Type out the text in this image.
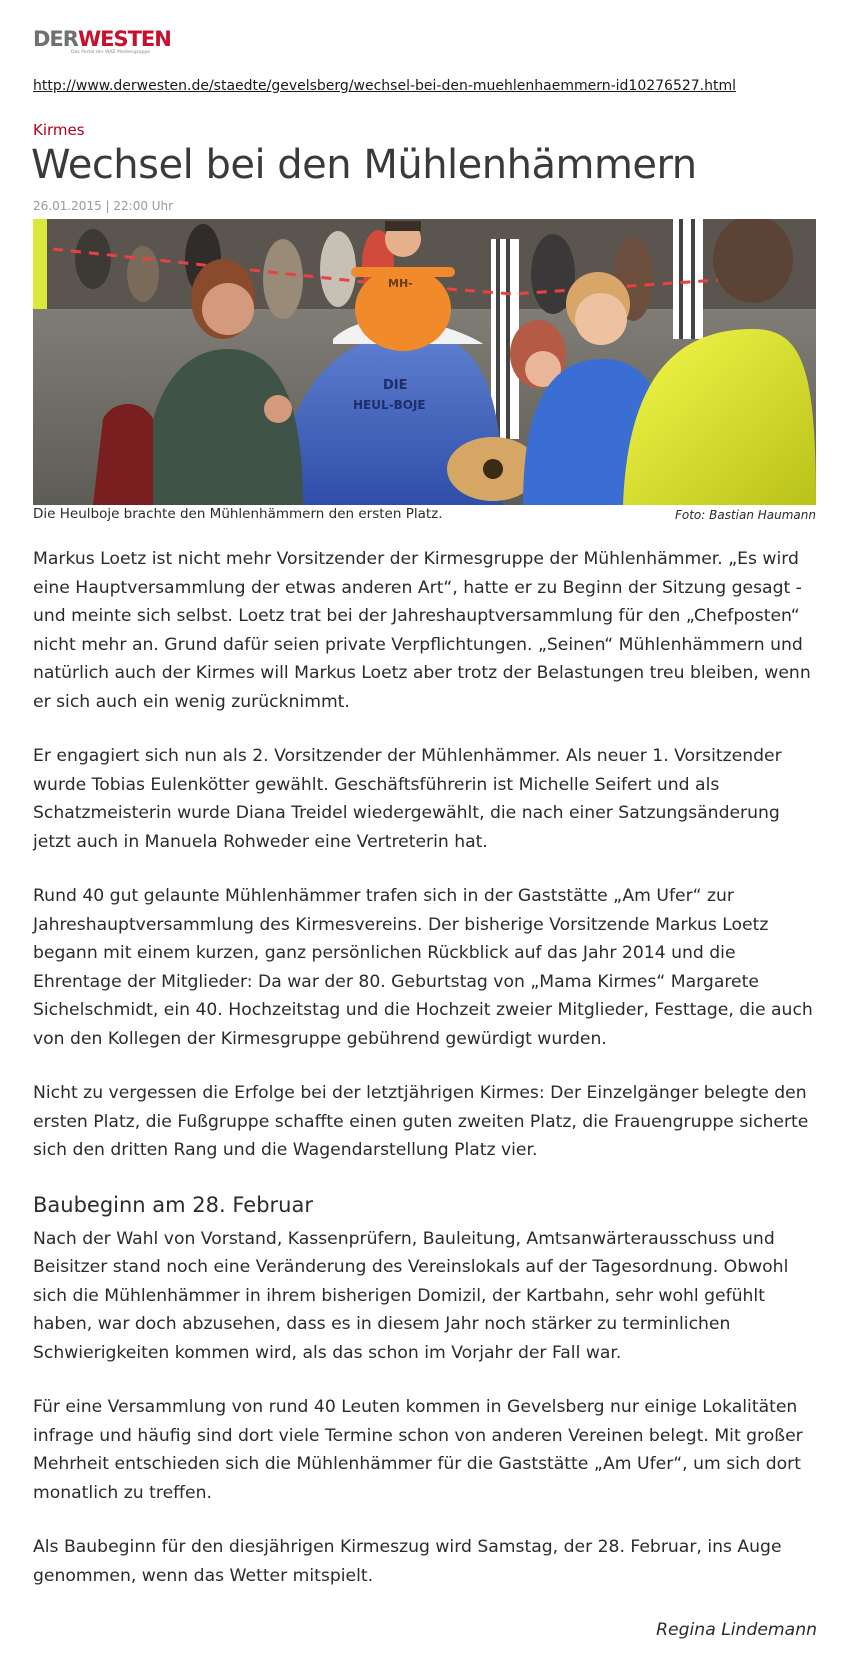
DERWESTEN
Das Portal der WAZ Mediengruppe
http://www.derwesten.de/staedte/gevelsberg/wechsel-bei-den-muehlenhaemmern-id10276527.html
Kirmes
Wechsel bei den Mühlenhämmern
26.01.2015 | 22:00 Uhr
MH-
DIE
HEUL-BOJE
Die Heulboje brachte den Mühlenhämmern den ersten Platz.	Foto: Bastian Haumann

Markus Loetz ist nicht mehr Vorsitzender der Kirmesgruppe der Mühlenhämmer. „Es wird eine Hauptversammlung der etwas anderen Art“, hatte er zu Beginn der Sitzung gesagt - und meinte sich selbst. Loetz trat bei der Jahreshauptversammlung für den „Chefposten“ nicht mehr an. Grund dafür seien private Verpflichtungen. „Seinen“ Mühlenhämmern und natürlich auch der Kirmes will Markus Loetz aber trotz der Belastungen treu bleiben, wenn er sich auch ein wenig zurücknimmt.

Er engagiert sich nun als 2. Vorsitzender der Mühlenhämmer. Als neuer 1. Vorsitzender wurde Tobias Eulenkötter gewählt. Geschäftsführerin ist Michelle Seifert und als Schatzmeisterin wurde Diana Treidel wiedergewählt, die nach einer Satzungsänderung jetzt auch in Manuela Rohweder eine Vertreterin hat.

Rund 40 gut gelaunte Mühlenhämmer trafen sich in der Gaststätte „Am Ufer“ zur Jahreshauptversammlung des Kirmesvereins. Der bisherige Vorsitzende Markus Loetz begann mit einem kurzen, ganz persönlichen Rückblick auf das Jahr 2014 und die Ehrentage der Mitglieder: Da war der 80. Geburtstag von „Mama Kirmes“ Margarete Sichelschmidt, ein 40. Hochzeitstag und die Hochzeit zweier Mitglieder, Festtage, die auch von den Kollegen der Kirmesgruppe gebührend gewürdigt wurden.

Nicht zu vergessen die Erfolge bei der letztjährigen Kirmes: Der Einzelgänger belegte den ersten Platz, die Fußgruppe schaffte einen guten zweiten Platz, die Frauengruppe sicherte sich den dritten Rang und die Wagendarstellung Platz vier.

Baubeginn am 28. Februar

Nach der Wahl von Vorstand, Kassenprüfern, Bauleitung, Amtsanwärterausschuss und Beisitzer stand noch eine Veränderung des Vereinslokals auf der Tagesordnung. Obwohl sich die Mühlenhämmer in ihrem bisherigen Domizil, der Kartbahn, sehr wohl gefühlt haben, war doch abzusehen, dass es in diesem Jahr noch stärker zu terminlichen Schwierigkeiten kommen wird, als das schon im Vorjahr der Fall war.

Für eine Versammlung von rund 40 Leuten kommen in Gevelsberg nur einige Lokalitäten infrage und häufig sind dort viele Termine schon von anderen Vereinen belegt. Mit großer Mehrheit entschieden sich die Mühlenhämmer für die Gaststätte „Am Ufer“, um sich dort monatlich zu treffen.

Als Baubeginn für den diesjährigen Kirmeszug wird Samstag, der 28. Februar, ins Auge genommen, wenn das Wetter mitspielt.

Regina Lindemann
